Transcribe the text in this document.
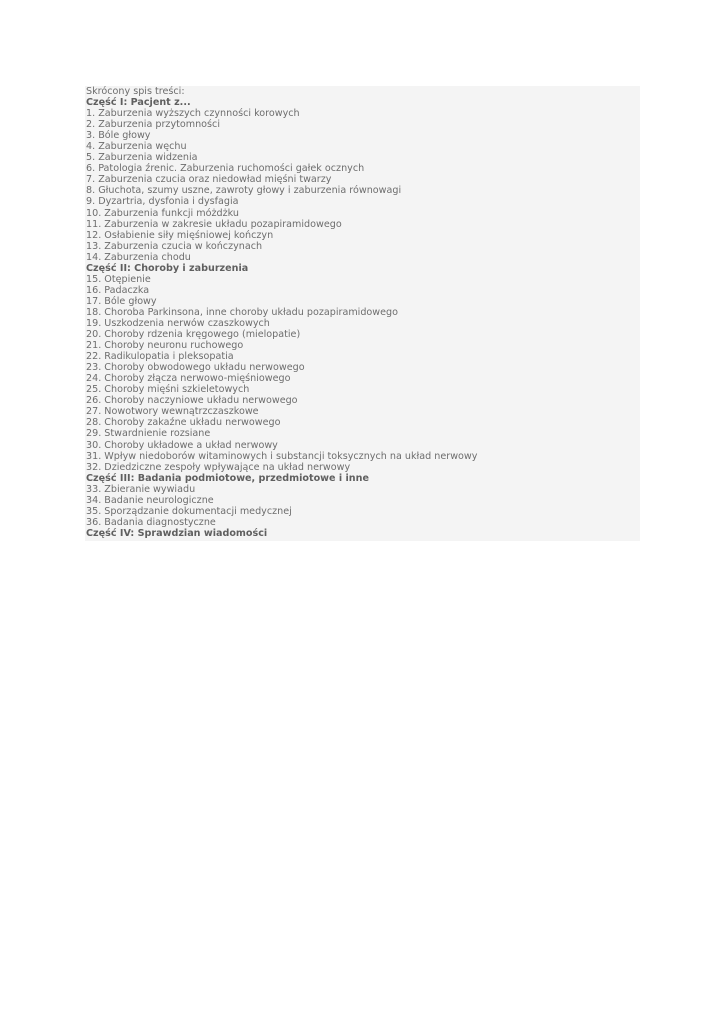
Skrócony spis treści:
Część I: Pacjent z...
1. Zaburzenia wyższych czynności korowych
2. Zaburzenia przytomności
3. Bóle głowy
4. Zaburzenia węchu
5. Zaburzenia widzenia
6. Patologia źrenic. Zaburzenia ruchomości gałek ocznych
7. Zaburzenia czucia oraz niedowład mięśni twarzy
8. Głuchota, szumy uszne, zawroty głowy i zaburzenia równowagi
9. Dyzartria, dysfonia i dysfagia
10. Zaburzenia funkcji móżdżku
11. Zaburzenia w zakresie układu pozapiramidowego
12. Osłabienie siły mięśniowej kończyn
13. Zaburzenia czucia w kończynach
14. Zaburzenia chodu
Część II: Choroby i zaburzenia
15. Otępienie
16. Padaczka
17. Bóle głowy
18. Choroba Parkinsona, inne choroby układu pozapiramidowego
19. Uszkodzenia nerwów czaszkowych
20. Choroby rdzenia kręgowego (mielopatie)
21. Choroby neuronu ruchowego
22. Radikulopatia i pleksopatia
23. Choroby obwodowego układu nerwowego
24. Choroby złącza nerwowo-mięśniowego
25. Choroby mięśni szkieletowych
26. Choroby naczyniowe układu nerwowego
27. Nowotwory wewnątrzczaszkowe
28. Choroby zakaźne układu nerwowego
29. Stwardnienie rozsiane
30. Choroby układowe a układ nerwowy
31. Wpływ niedoborów witaminowych i substancji toksycznych na układ nerwowy
32. Dziedziczne zespoły wpływające na układ nerwowy
Część III: Badania podmiotowe, przedmiotowe i inne
33. Zbieranie wywiadu
34. Badanie neurologiczne
35. Sporządzanie dokumentacji medycznej
36. Badania diagnostyczne
Część IV: Sprawdzian wiadomości
